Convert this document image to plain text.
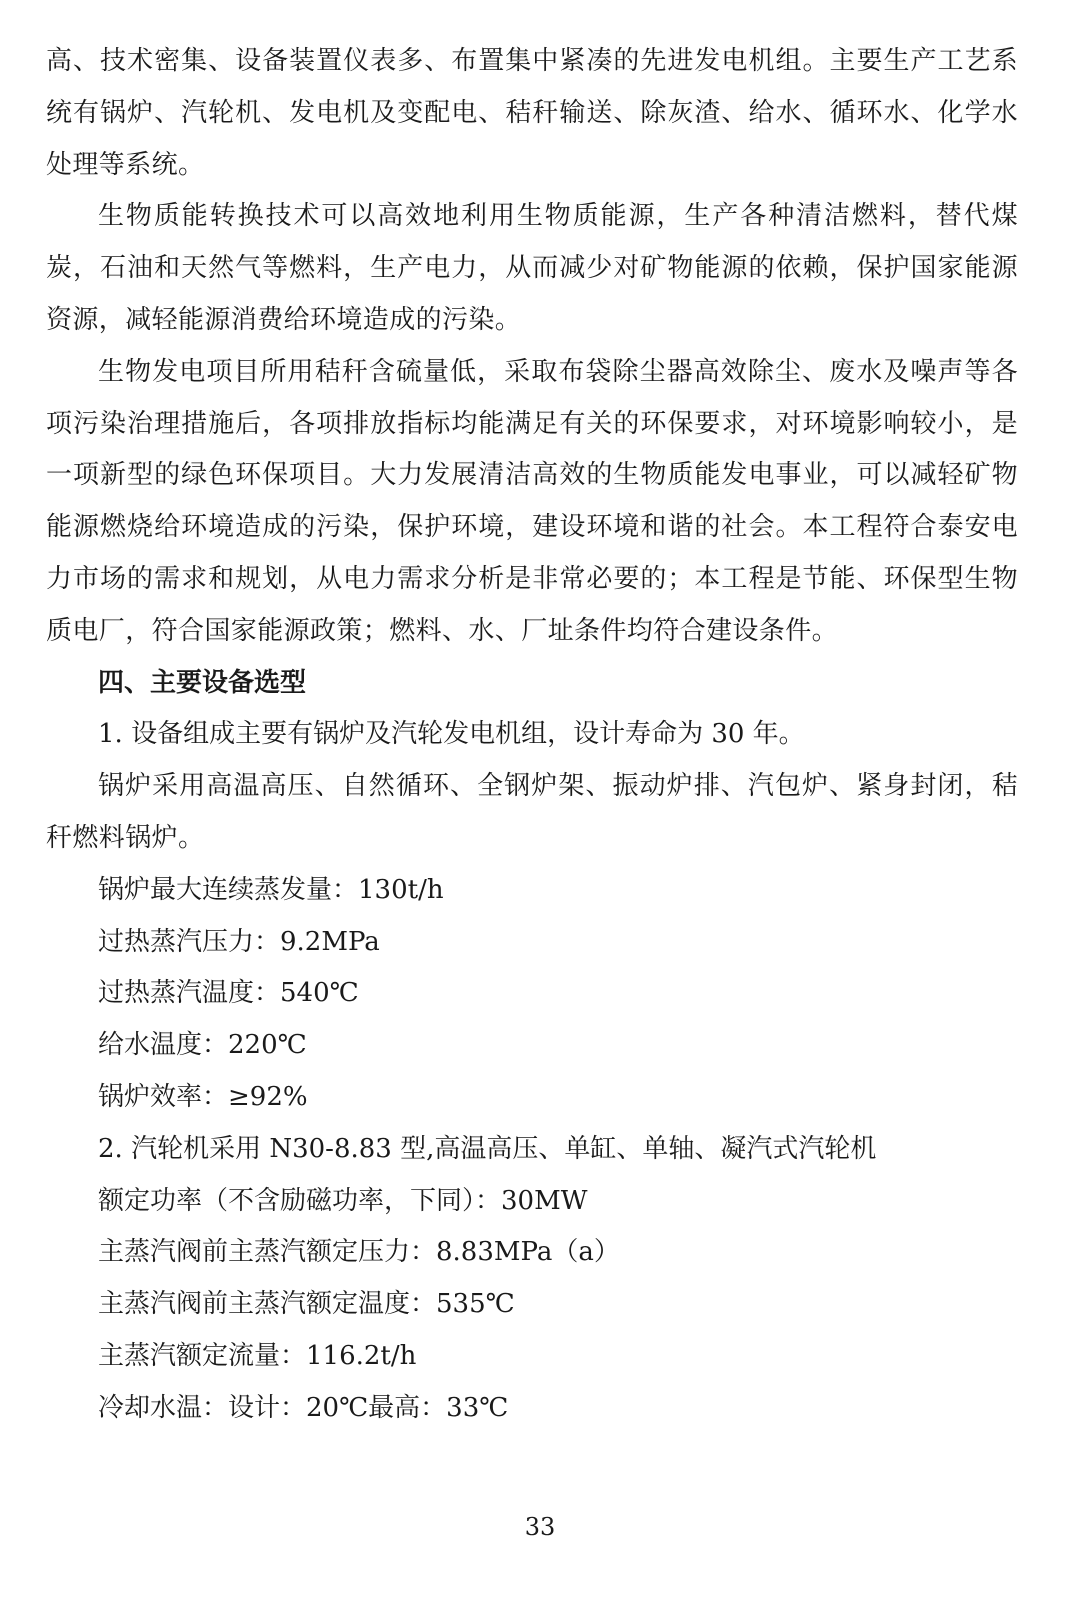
高、技术密集、设备装置仪表多、布置集中紧凑的先进发电机组。主要生产工艺系统有锅炉、汽轮机、发电机及变配电、秸秆输送、除灰渣、给水、循环水、化学水处理等系统。

生物质能转换技术可以高效地利用生物质能源，生产各种清洁燃料，替代煤炭，石油和天然气等燃料，生产电力，从而减少对矿物能源的依赖，保护国家能源资源，减轻能源消费给环境造成的污染。

生物发电项目所用秸秆含硫量低，采取布袋除尘器高效除尘、废水及噪声等各项污染治理措施后，各项排放指标均能满足有关的环保要求，对环境影响较小，是一项新型的绿色环保项目。大力发展清洁高效的生物质能发电事业，可以减轻矿物能源燃烧给环境造成的污染，保护环境，建设环境和谐的社会。本工程符合泰安电力市场的需求和规划，从电力需求分析是非常必要的；本工程是节能、环保型生物质电厂，符合国家能源政策；燃料、水、厂址条件均符合建设条件。

四、主要设备选型

1. 设备组成主要有锅炉及汽轮发电机组，设计寿命为 30 年。

锅炉采用高温高压、自然循环、全钢炉架、振动炉排、汽包炉、紧身封闭，秸秆燃料锅炉。

锅炉最大连续蒸发量：130t/h

过热蒸汽压力：9.2MPa

过热蒸汽温度：540℃

给水温度：220℃

锅炉效率：≥92%

2. 汽轮机采用 N30-8.83 型,高温高压、单缸、单轴、凝汽式汽轮机

额定功率（不含励磁功率，下同）：30MW

主蒸汽阀前主蒸汽额定压力：8.83MPa（a）

主蒸汽阀前主蒸汽额定温度：535℃

主蒸汽额定流量：116.2t/h

冷却水温：设计：20℃最高：33℃

33
